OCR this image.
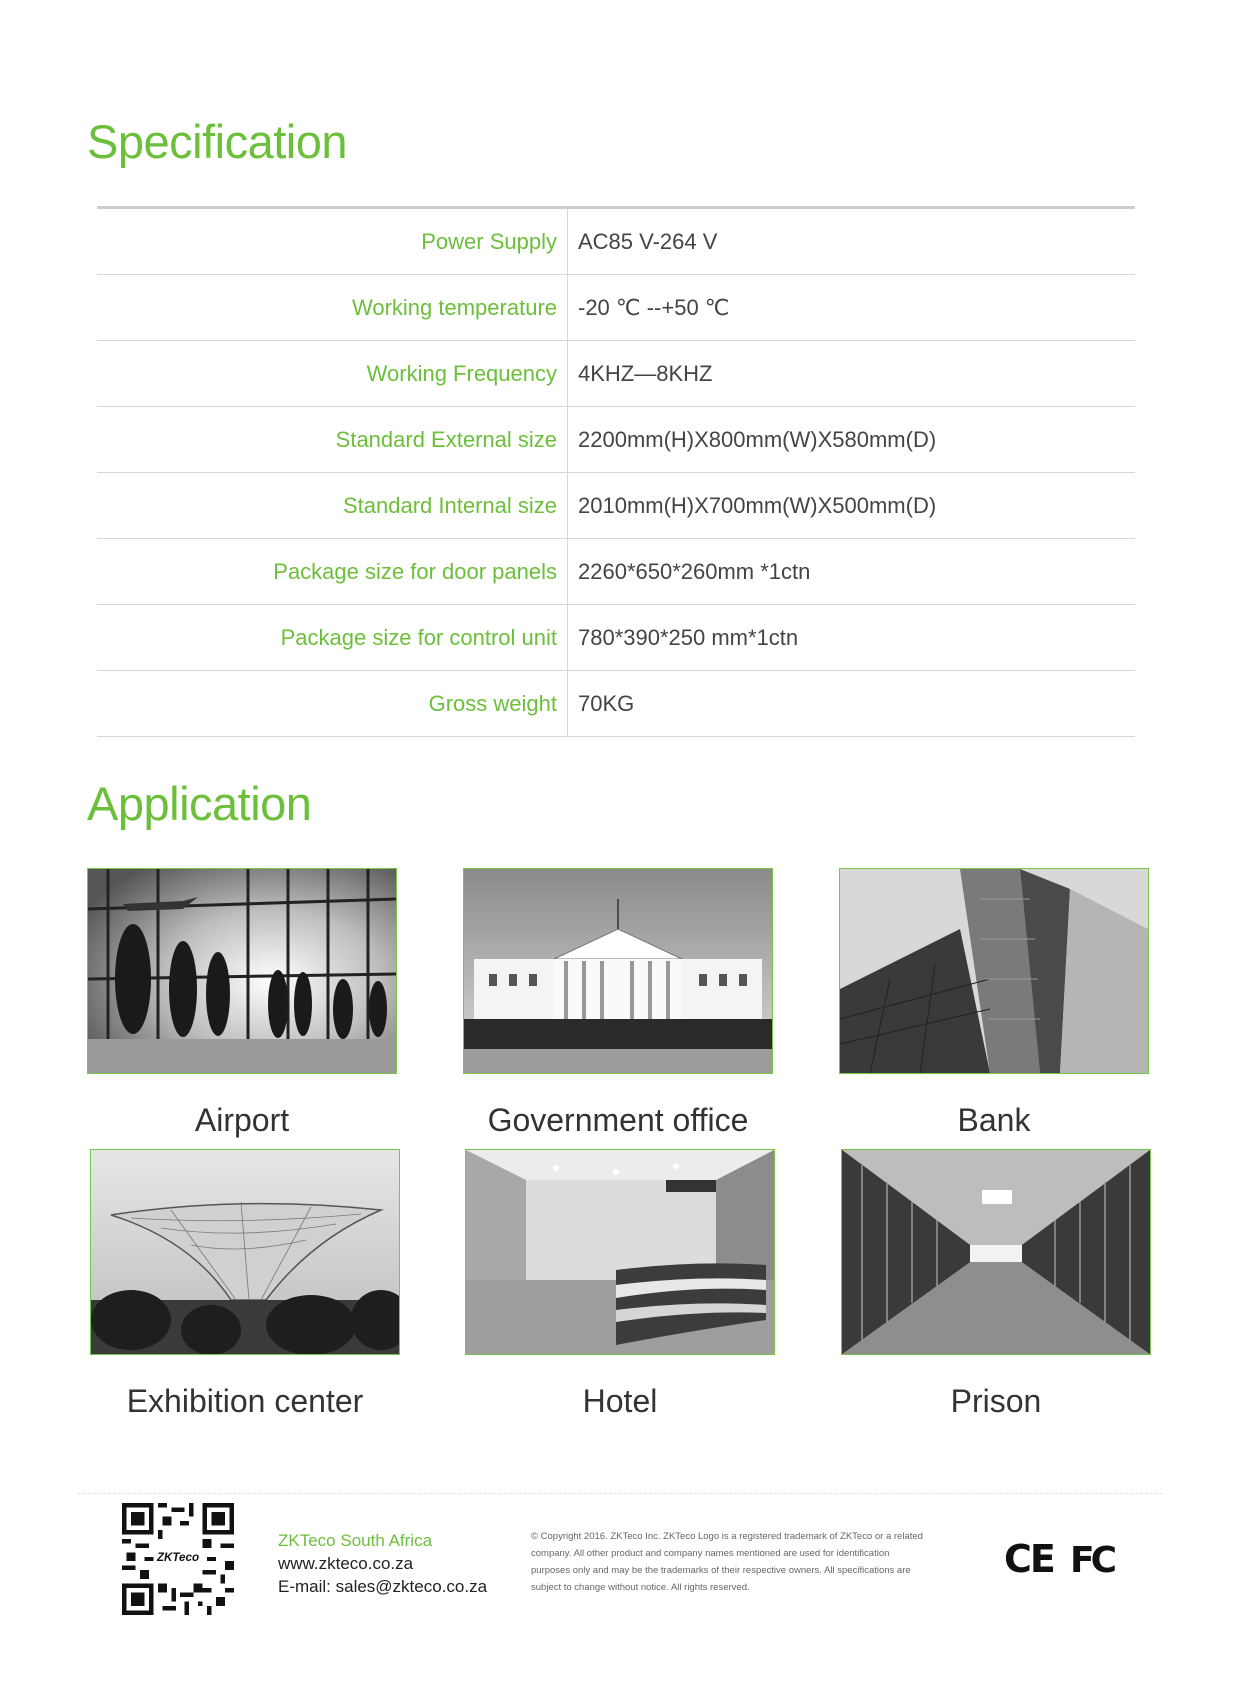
Specification
Power Supply	AC85 V-264 V
Working temperature	-20 ℃ --+50 ℃
Working Frequency	4KHZ—8KHZ
Standard External size	2200mm(H)X800mm(W)X580mm(D)
Standard Internal size	2010mm(H)X700mm(W)X500mm(D)
Package size for door panels	2260*650*260mm *1ctn
Package size for control unit	780*390*250 mm*1ctn
Gross weight	70KG
Application
Airport	Government office	Bank
Exhibition center	Hotel	Prison
ZKTeco
ZKTeco South Africa
www.zkteco.co.za
E-mail: sales@zkteco.co.za
© Copyright 2016. ZKTeco Inc. ZKTeco Logo is a registered trademark of ZKTeco or a related company. All other product and company names mentioned are used for identification purposes only and may be the trademarks of their respective owners. All specifications are subject to change without notice. All rights reserved.
CE FC
